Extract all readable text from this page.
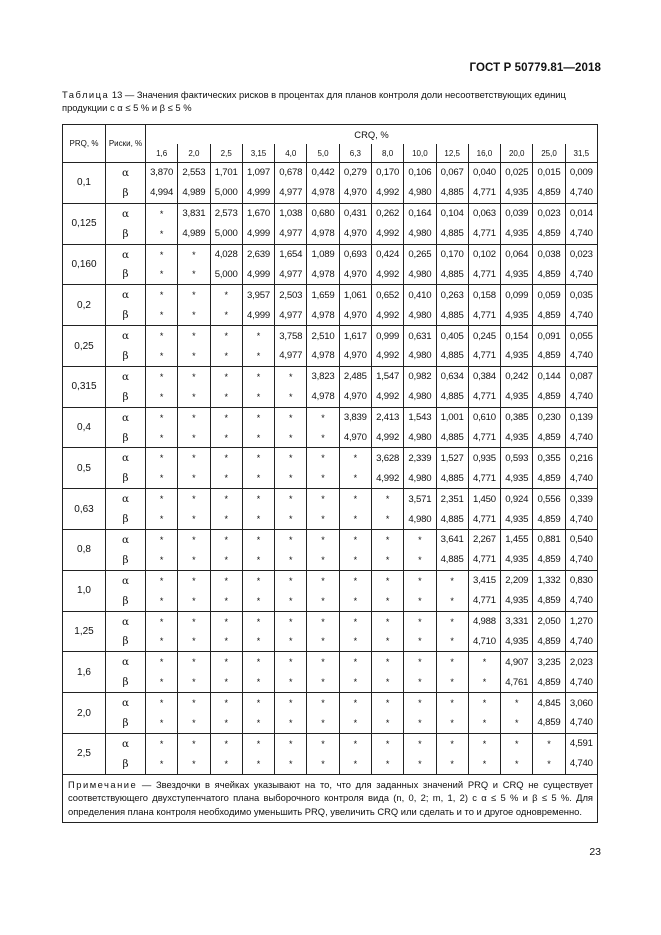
ГОСТ Р 50779.81—2018
Таблица 13 — Значения фактических рисков в процентах для планов контроля доли несоответствующих единиц продукции с α ≤ 5 % и β ≤ 5 %
PRQ, %	Риски, %	CRQ, %													
		1,6	2,0	2,5	3,15	4,0	5,0	6,3	8,0	10,0	12,5	16,0	20,0	25,0	31,5
0,1	α	3,870	2,553	1,701	1,097	0,678	0,442	0,279	0,170	0,106	0,067	0,040	0,025	0,015	0,009
	β	4,994	4,989	5,000	4,999	4,977	4,978	4,970	4,992	4,980	4,885	4,771	4,935	4,859	4,740
0,125	α	*	3,831	2,573	1,670	1,038	0,680	0,431	0,262	0,164	0,104	0,063	0,039	0,023	0,014
	β	*	4,989	5,000	4,999	4,977	4,978	4,970	4,992	4,980	4,885	4,771	4,935	4,859	4,740
0,160	α	*	*	4,028	2,639	1,654	1,089	0,693	0,424	0,265	0,170	0,102	0,064	0,038	0,023
	β	*	*	5,000	4,999	4,977	4,978	4,970	4,992	4,980	4,885	4,771	4,935	4,859	4,740
0,2	α	*	*	*	3,957	2,503	1,659	1,061	0,652	0,410	0,263	0,158	0,099	0,059	0,035
	β	*	*	*	4,999	4,977	4,978	4,970	4,992	4,980	4,885	4,771	4,935	4,859	4,740
0,25	α	*	*	*	*	3,758	2,510	1,617	0,999	0,631	0,405	0,245	0,154	0,091	0,055
	β	*	*	*	*	4,977	4,978	4,970	4,992	4,980	4,885	4,771	4,935	4,859	4,740
0,315	α	*	*	*	*	*	3,823	2,485	1,547	0,982	0,634	0,384	0,242	0,144	0,087
	β	*	*	*	*	*	4,978	4,970	4,992	4,980	4,885	4,771	4,935	4,859	4,740
0,4	α	*	*	*	*	*	*	3,839	2,413	1,543	1,001	0,610	0,385	0,230	0,139
	β	*	*	*	*	*	*	4,970	4,992	4,980	4,885	4,771	4,935	4,859	4,740
0,5	α	*	*	*	*	*	*	*	3,628	2,339	1,527	0,935	0,593	0,355	0,216
	β	*	*	*	*	*	*	*	4,992	4,980	4,885	4,771	4,935	4,859	4,740
0,63	α	*	*	*	*	*	*	*	*	3,571	2,351	1,450	0,924	0,556	0,339
	β	*	*	*	*	*	*	*	*	4,980	4,885	4,771	4,935	4,859	4,740
0,8	α	*	*	*	*	*	*	*	*	*	3,641	2,267	1,455	0,881	0,540
	β	*	*	*	*	*	*	*	*	*	4,885	4,771	4,935	4,859	4,740
1,0	α	*	*	*	*	*	*	*	*	*	*	3,415	2,209	1,332	0,830
	β	*	*	*	*	*	*	*	*	*	*	4,771	4,935	4,859	4,740
1,25	α	*	*	*	*	*	*	*	*	*	*	4,988	3,331	2,050	1,270
	β	*	*	*	*	*	*	*	*	*	*	4,710	4,935	4,859	4,740
1,6	α	*	*	*	*	*	*	*	*	*	*	*	4,907	3,235	2,023
	β	*	*	*	*	*	*	*	*	*	*	*	4,761	4,859	4,740
2,0	α	*	*	*	*	*	*	*	*	*	*	*	*	4,845	3,060
	β	*	*	*	*	*	*	*	*	*	*	*	*	4,859	4,740
2,5	α	*	*	*	*	*	*	*	*	*	*	*	*	*	4,591
	β	*	*	*	*	*	*	*	*	*	*	*	*	*	4,740
Примечание — Звездочки в ячейках указывают на то, что для заданных значений PRQ и CRQ не существует соответствующего двухступенчатого плана выборочного контроля вида (n, 0, 2; m, 1, 2) с α ≤ 5 % и β ≤ 5 %. Для определения плана контроля необходимо уменьшить PRQ, увеличить CRQ или сделать и то и другое одновременно.															
23
